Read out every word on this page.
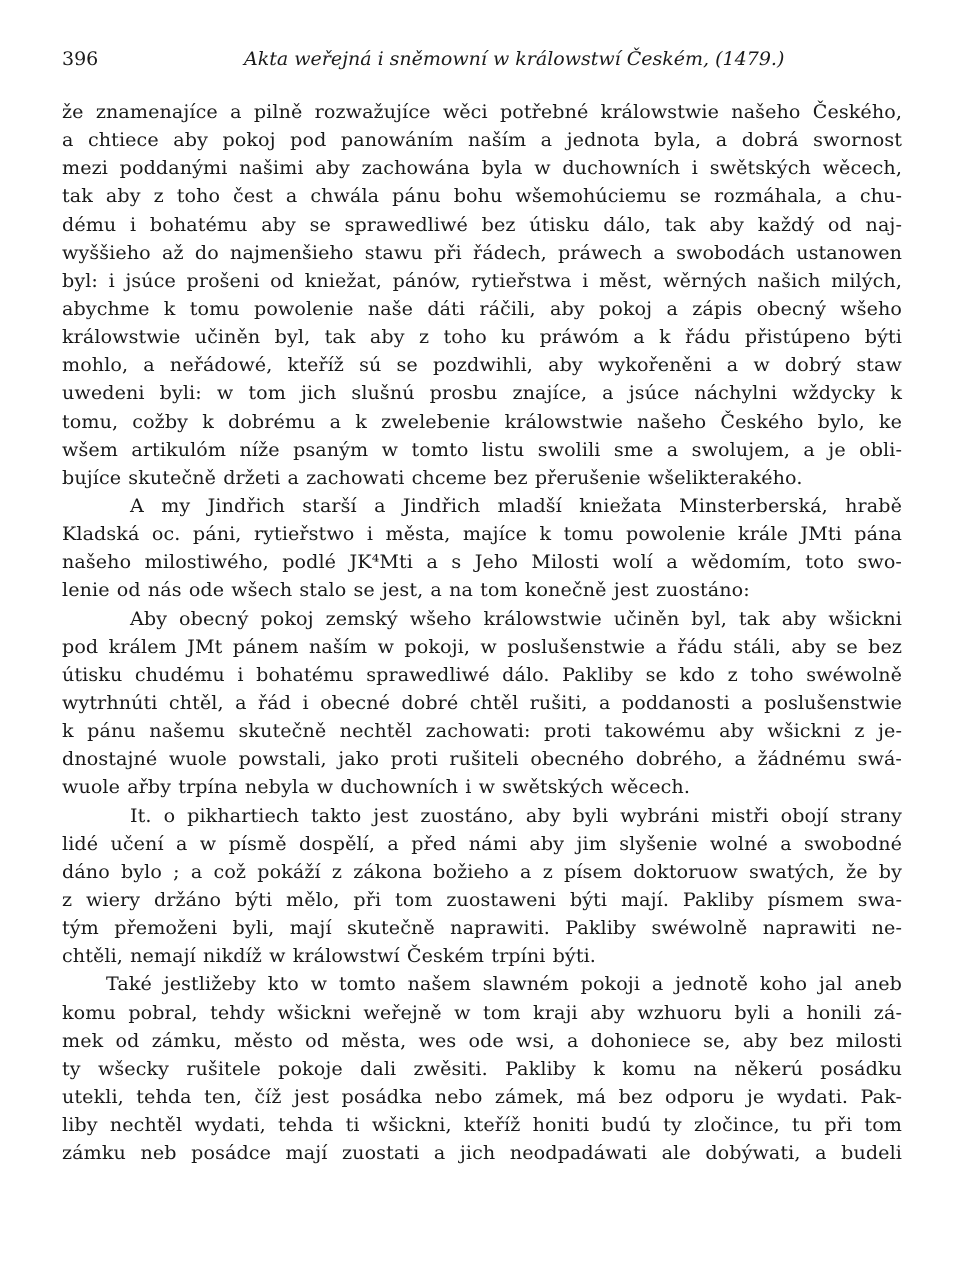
396	Akta weřejná i sněmowní w králowstwí Českém, (1479.)
že znamenajíce a pilně rozwažujíce wěci potřebné králowstwie našeho Českého,
a chtiece aby pokoj pod panowáním naším a jednota byla, a dobrá swornost
mezi poddanými našimi aby zachowána byla w duchowních i swětských wěcech,
tak aby z toho čest a chwála pánu bohu wšemohúciemu se rozmáhala, a chu-
dému i bohatému aby se sprawedliwé bez útisku dálo, tak aby každý od naj-
wyššieho až do najmenšieho stawu při řádech, práwech a swobodách ustanowen
byl: i jsúce prošeni od kniežat, pánów, rytieřstwa i měst, wěrných našich milých,
abychme k tomu powolenie naše dáti ráčili, aby pokoj a zápis obecný wšeho
králowstwie učiněn byl, tak aby z toho ku práwóm a k řádu přistúpeno býti
mohlo, a neřádowé, kteříž sú se pozdwihli, aby wykořeněni a w dobrý staw
uwedeni byli: w tom jich slušnú prosbu znajíce, a jsúce náchylni wždycky k
tomu, cožby k dobrému a k zwelebenie králowstwie našeho Českého bylo, ke
wšem artikulóm níže psaným w tomto listu swolili sme a swolujem, a je obli-
bujíce skutečně držeti a zachowati chceme bez přerušenie wšelikterakého.
A my Jindřich starší a Jindřich mladší kniežata Minsterberská, hrabě
Kladská oc. páni, rytieřstwo i města, majíce k tomu powolenie krále JMti pána
našeho milostiwého, podlé JK⁴Mti a s Jeho Milosti wolí a wědomím, toto swo-
lenie od nás ode wšech stalo se jest, a na tom konečně jest zuostáno:
Aby obecný pokoj zemský wšeho králowstwie učiněn byl, tak aby wšickni
pod králem JMt pánem naším w pokoji, w poslušenstwie a řádu stáli, aby se bez
útisku chudému i bohatému sprawedliwé dálo. Pakliby se kdo z toho swéwolně
wytrhnúti chtěl, a řád i obecné dobré chtěl rušiti, a poddanosti a poslušenstwie
k pánu našemu skutečně nechtěl zachowati: proti takowému aby wšickni z je-
dnostajné wuole powstali, jako proti rušiteli obecného dobrého, a žádnému swá-
wuole ařby trpína nebyla w duchowních i w swětských wěcech.
It. o pikhartiech takto jest zuostáno, aby byli wybráni mistři obojí strany
lidé učení a w písmě dospělí, a před námi aby jim slyšenie wolné a swobodné
dáno bylo ; a což pokáží z zákona božieho a z písem doktoruow swatých, že by
z wiery držáno býti mělo, při tom zuostaweni býti mají. Pakliby písmem swa-
tým přemoženi byli, mají skutečně naprawiti. Pakliby swéwolně naprawiti ne-
chtěli, nemají nikdíž w králowstwí Českém trpíni býti.
Také jestližeby kto w tomto našem slawném pokoji a jednotě koho jal aneb
komu pobral, tehdy wšickni weřejně w tom kraji aby wzhuoru byli a honili zá-
mek od zámku, město od města, wes ode wsi, a dohoniece se, aby bez milosti
ty wšecky rušitele pokoje dali zwěsiti. Pakliby k komu na někerú posádku
utekli, tehda ten, číž jest posádka nebo zámek, má bez odporu je wydati. Pak-
liby nechtěl wydati, tehda ti wšickni, kteříž honiti budú ty zločince, tu při tom
zámku neb posádce mají zuostati a jich neodpadáwati ale dobýwati, a budeli
